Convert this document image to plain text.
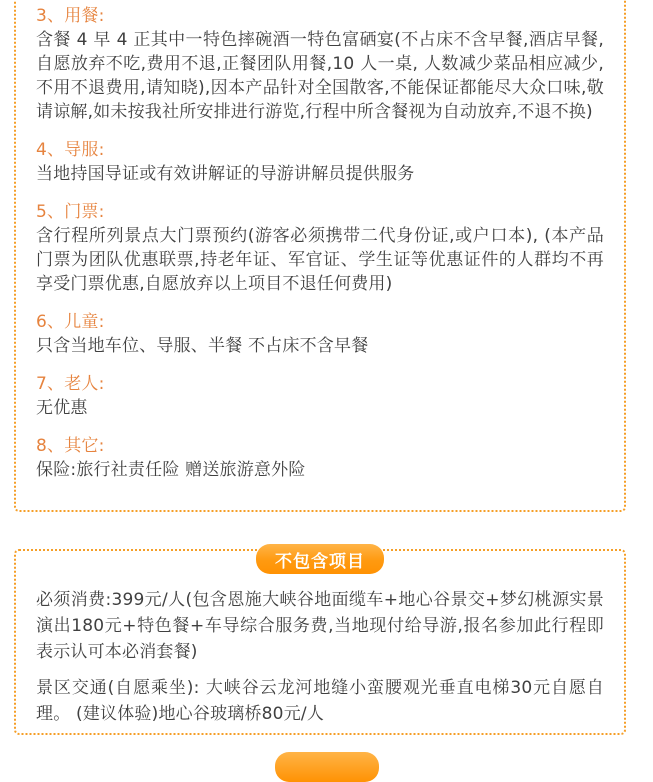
3、用餐:

含餐 4 早 4 正其中一特色摔碗酒一特色富硒宴(不占床不含早餐,酒店早餐,自愿放弃不吃,费用不退,正餐团队用餐,10 人一桌, 人数减少菜品相应减少,不用不退费用,请知晓),因本产品针对全国散客,不能保证都能尽大众口味,敬请谅解,如未按我社所安排进行游览,行程中所含餐视为自动放弃,不退不换)

4、导服:

当地持国导证或有效讲解证的导游讲解员提供服务

5、门票:

含行程所列景点大门票预约(游客必须携带二代身份证,或户口本), (本产品门票为团队优惠联票,持老年证、军官证、学生证等优惠证件的人群均不再享受门票优惠,自愿放弃以上项目不退任何费用)

6、儿童:

只含当地车位、导服、半餐 不占床不含早餐

7、老人:

无优惠

8、其它:

保险:旅行社责任险 赠送旅游意外险

不包含项目

必须消费:399元/人(包含恩施大峡谷地面缆车+地心谷景交+梦幻桃源实景演出180元+特色餐+车导综合服务费,当地现付给导游,报名参加此行程即表示认可本必消套餐)

景区交通(自愿乘坐): 大峡谷云龙河地缝小蛮腰观光垂直电梯30元自愿自理。 (建议体验)地心谷玻璃桥80元/人
